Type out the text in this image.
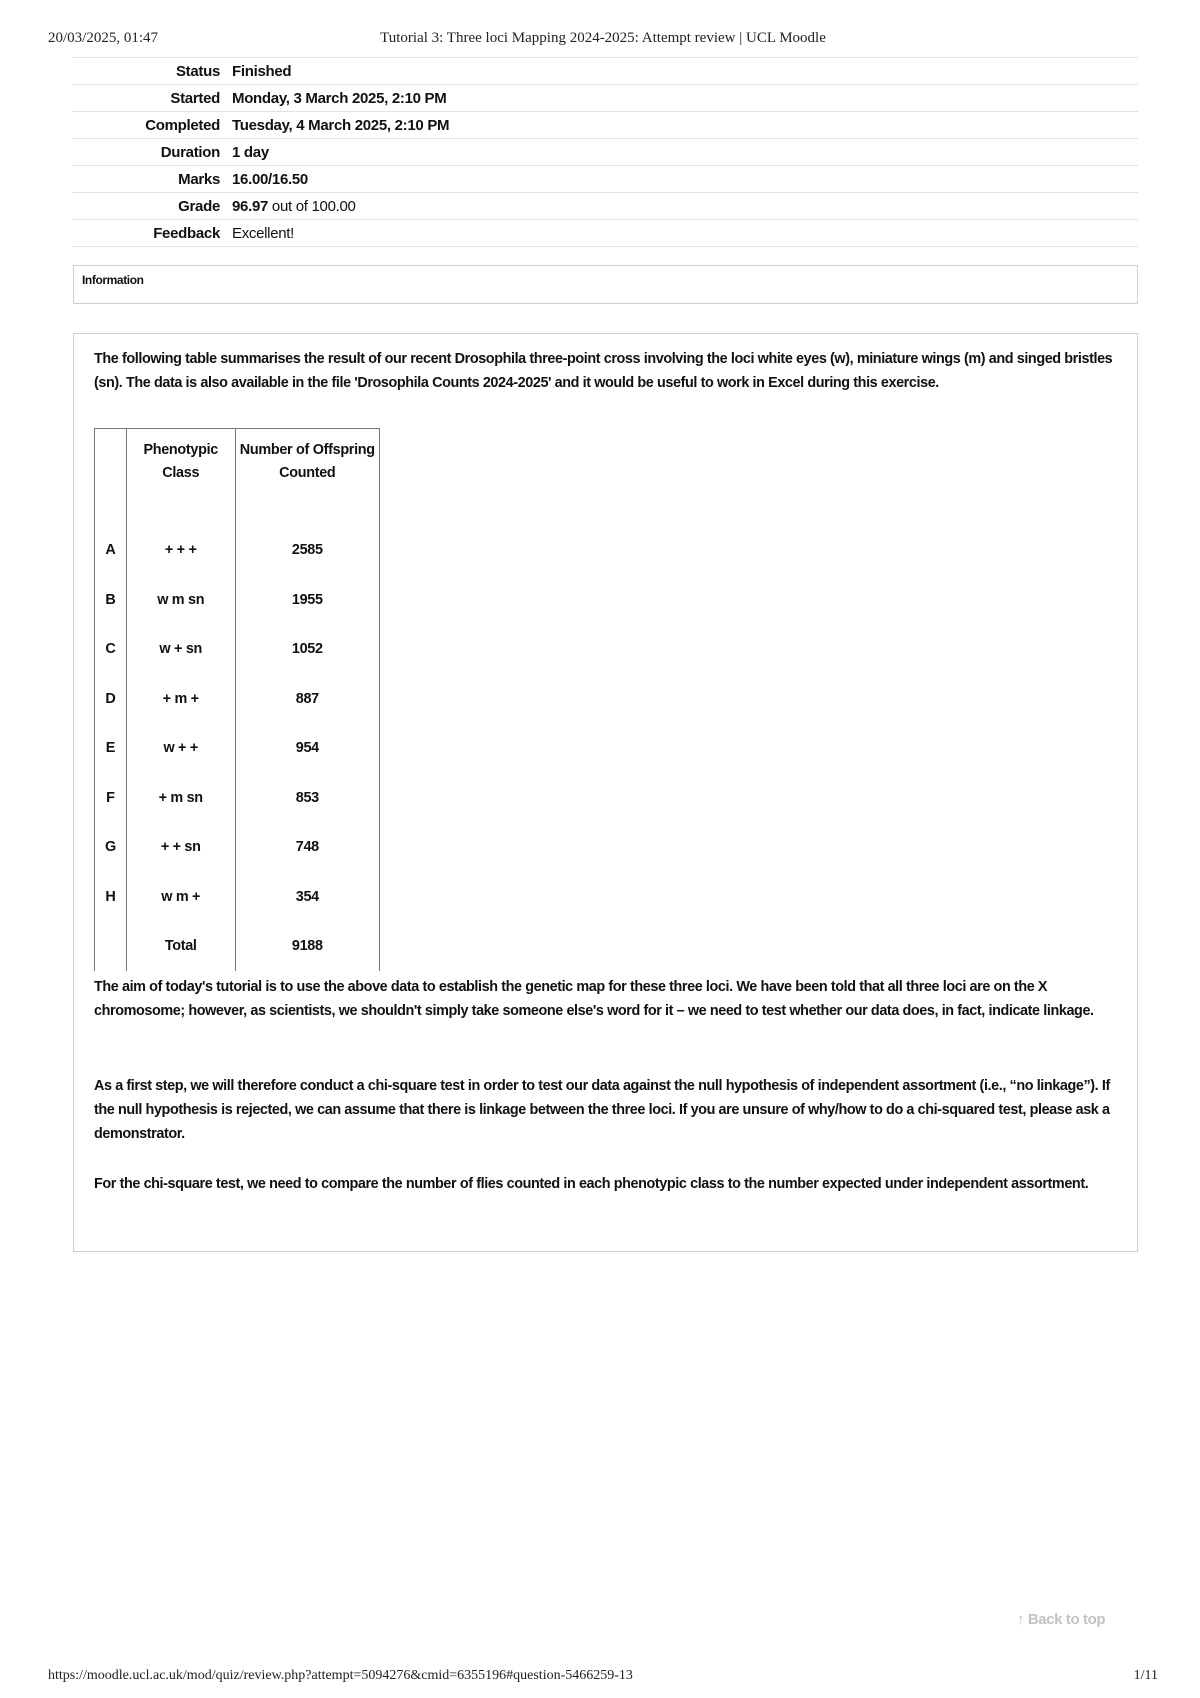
20/03/2025, 01:47	Tutorial 3: Three loci Mapping 2024-2025: Attempt review | UCL Moodle
Status	Finished
Started	Monday, 3 March 2025, 2:10 PM
Completed	Tuesday, 4 March 2025, 2:10 PM
Duration	1 day
Marks	16.00/16.50
Grade	96.97 out of 100.00
Feedback	Excellent!
Information

The following table summarises the result of our recent Drosophila three-point cross involving the loci white eyes (w), miniature wings (m) and singed bristles (sn). The data is also available in the file 'Drosophila Counts 2024-2025' and it would be useful to work in Excel during this exercise.

	Phenotypic Class	Number of Offspring Counted
A	+ + +	2585
B	w m sn	1955
C	w + sn	1052
D	+ m +	887
E	w + +	954
F	+ m sn	853
G	+ + sn	748
H	w m +	354
	Total	9188

The aim of today's tutorial is to use the above data to establish the genetic map for these three loci. We have been told that all three loci are on the X chromosome; however, as scientists, we shouldn't simply take someone else's word for it – we need to test whether our data does, in fact, indicate linkage.

As a first step, we will therefore conduct a chi-square test in order to test our data against the null hypothesis of independent assortment (i.e., “no linkage”). If the null hypothesis is rejected, we can assume that there is linkage between the three loci. If you are unsure of why/how to do a chi-squared test, please ask a demonstrator.

For the chi-square test, we need to compare the number of flies counted in each phenotypic class to the number expected under independent assortment.

↑ Back to top
https://moodle.ucl.ac.uk/mod/quiz/review.php?attempt=5094276&cmid=6355196#question-5466259-13	1/11
